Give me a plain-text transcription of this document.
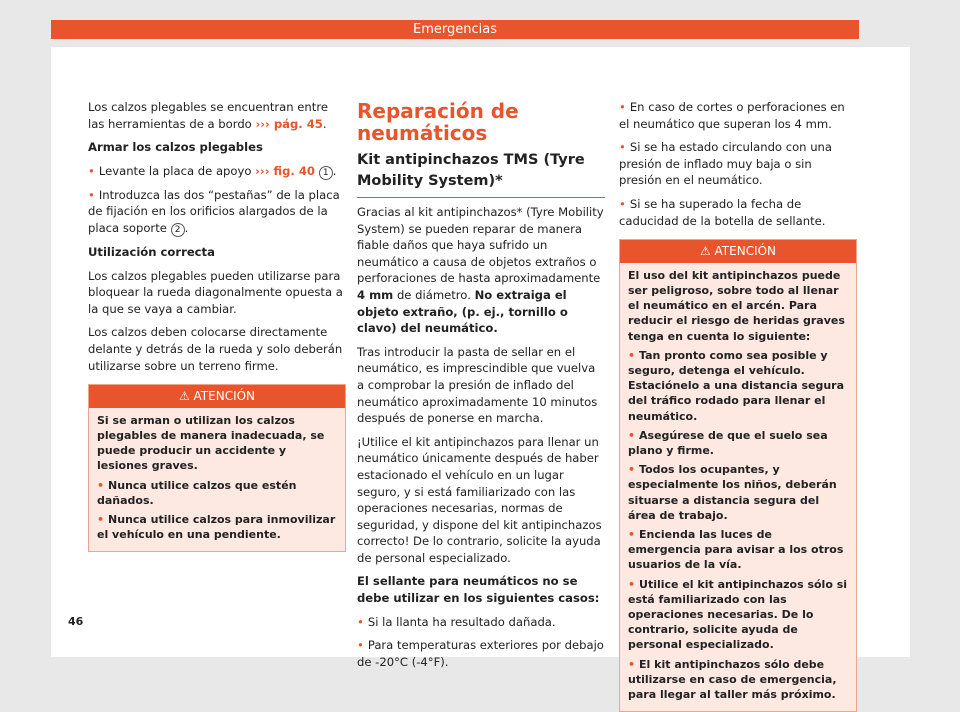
Emergencias

Los calzos plegables se encuentran entre las herramientas de a bordo ››› pág. 45.

Armar los calzos plegables

• Levante la placa de apoyo ››› fig. 40 1 .

• Introduzca las dos “pestañas” de la placa de fijación en los orificios alargados de la placa soporte 2 .

Utilización correcta

Los calzos plegables pueden utilizarse para bloquear la rueda diagonalmente opuesta a la que se vaya a cambiar.

Los calzos deben colocarse directamente delante y detrás de la rueda y solo deberán utilizarse sobre un terreno firme.

⚠ ATENCIÓN

Si se arman o utilizan los calzos plegables de manera inadecuada, se puede producir un accidente y lesiones graves.

• Nunca utilice calzos que estén dañados.

• Nunca utilice calzos para inmovilizar el vehículo en una pendiente.

Reparación de neumáticos
Kit antipinchazos TMS (Tyre Mobility System)*

Gracias al kit antipinchazos* (Tyre Mobility System) se pueden reparar de manera fiable daños que haya sufrido un neumático a causa de objetos extraños o perforaciones de hasta aproximadamente 4 mm de diámetro. No extraiga el objeto extraño, (p. ej., tornillo o clavo) del neumático.

Tras introducir la pasta de sellar en el neumático, es imprescindible que vuelva a comprobar la presión de inflado del neumático aproximadamente 10 minutos después de ponerse en marcha.

¡Utilice el kit antipinchazos para llenar un neumático únicamente después de haber estacionado el vehículo en un lugar seguro, y si está familiarizado con las operaciones necesarias, normas de seguridad, y dispone del kit antipinchazos correcto! De lo contrario, solicite la ayuda de personal especializado.

El sellante para neumáticos no se debe utilizar en los siguientes casos:

• Si la llanta ha resultado dañada.

• Para temperaturas exteriores por debajo de -20°C (-4°F).

• En caso de cortes o perforaciones en el neumático que superan los 4 mm.

• Si se ha estado circulando con una presión de inflado muy baja o sin presión en el neumático.

• Si se ha superado la fecha de caducidad de la botella de sellante.

⚠ ATENCIÓN

El uso del kit antipinchazos puede ser peligroso, sobre todo al llenar el neumático en el arcén. Para reducir el riesgo de heridas graves tenga en cuenta lo siguiente:

• Tan pronto como sea posible y seguro, detenga el vehículo. Estaciónelo a una distancia segura del tráfico rodado para llenar el neumático.

• Asegúrese de que el suelo sea plano y firme.

• Todos los ocupantes, y especialmente los niños, deberán situarse a distancia segura del área de trabajo.

• Encienda las luces de emergencia para avisar a los otros usuarios de la vía.

• Utilice el kit antipinchazos sólo si está familiarizado con las operaciones necesarias. De lo contrario, solicite ayuda de personal especializado.

• El kit antipinchazos sólo debe utilizarse en caso de emergencia, para llegar al taller más próximo.

46
